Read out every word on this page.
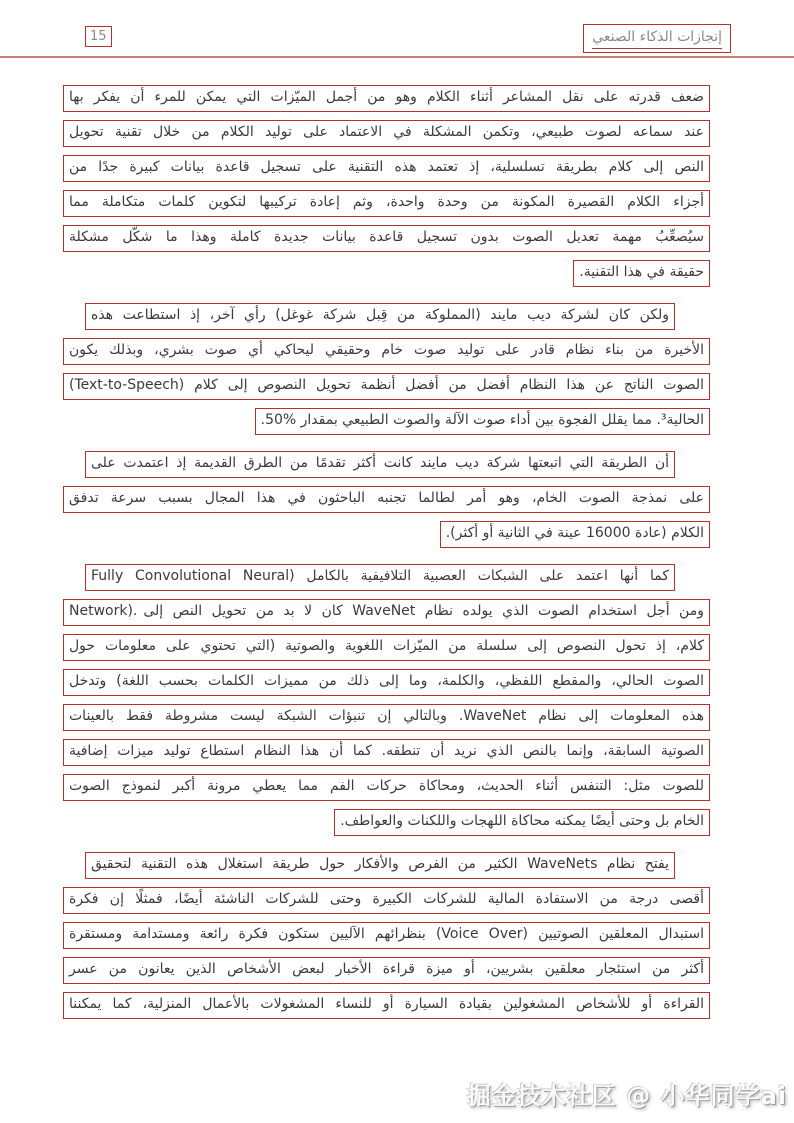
15	إنجازات الذكاء الصنعي
ضعف قدرته على نقل المشاعر أثناء الكلام وهو من أجمل الميّزات التي يمكن للمرء أن يفكر بها
عند سماعه لصوت طبيعي، وتكمن المشكلة في الاعتماد على توليد الكلام من خلال تقنية تحويل
النص إلى كلام بطريقة تسلسلية، إذ تعتمد هذه التقنية على تسجيل قاعدة بيانات كبيرة جدًا من
أجزاء الكلام القصيرة المكونة من وحدة واحدة، وثم إعادة تركيبها لتكوين كلمات متكاملة مما
سيُصعِّبُ مهمة تعديل الصوت بدون تسجيل قاعدة بيانات جديدة كاملة وهذا ما شكّل مشكلة
حقيقة في هذا التقنية.
ولكن كان لشركة ديب مايند (المملوكة من قِبل شركة غوغل) رأي آخر، إذ استطاعت هذه
الأخيرة من بناء نظام قادر على توليد صوت خام وحقيقي ليحاكي أي صوت بشري، وبذلك يكون
الصوت الناتج عن هذا النظام أفضل من أفضل أنظمة تحويل النصوص إلى كلام (Text-to-Speech)
الحالية³. مما يقلل الفجوة بين أداء صوت الآلة والصوت الطبيعي بمقدار %50.
أن الطريقة التي اتبعتها شركة ديب مايند كانت أكثر تقدمًا من الطرق القديمة إذ اعتمدت على
على نمذجة الصوت الخام، وهو أمر لطالما تجنبه الباحثون في هذا المجال بسبب سرعة تدفق
الكلام (عادة 16000 عينة في الثانية أو أكثر).
كما أنها اعتمد على الشبكات العصبية التلافيفية بالكامل (Fully Convolutional Neural
Network). ومن أجل استخدام الصوت الذي يولده نظام WaveNet كان لا بد من تحويل النص إلى
كلام، إذ تحول النصوص إلى سلسلة من الميّزات اللغوية والصوتية (التي تحتوي على معلومات حول
الصوت الحالي، والمقطع اللفظي، والكلمة، وما إلى ذلك من مميزات الكلمات بحسب اللغة) وتدخل
هذه المعلومات إلى نظام WaveNet. وبالتالي إن تنبؤات الشبكة ليست مشروطة فقط بالعينات
الصوتية السابقة، وإنما بالنص الذي نريد أن تنطقه. كما أن هذا النظام استطاع توليد ميزات إضافية
للصوت مثل: التنفس أثناء الحديث، ومحاكاة حركات الفم مما يعطي مرونة أكبر لنموذج الصوت
الخام بل وحتى أيضًا يمكنه محاكاة اللهجات واللكنات والعواطف.
يفتح نظام WaveNets الكثير من الفرص والأفكار حول طريقة استغلال هذه التقنية لتحقيق
أقصى درجة من الاستفادة المالية للشركات الكبيرة وحتى للشركات الناشئة أيضًا، فمثلًا إن فكرة
استبدال المعلقين الصوتيين (Voice Over) بنظرائهم الآليين ستكون فكرة رائعة ومستدامة ومستقرة
أكثر من استئجار معلقين بشريين، أو ميزة قراءة الأخبار لبعض الأشخاص الذين يعانون من عسر
القراءة أو للأشخاص المشغولين بقيادة السيارة أو للنساء المشغولات بالأعمال المنزلية، كما يمكننا
掘金技术社区 @ 小华同学ai
